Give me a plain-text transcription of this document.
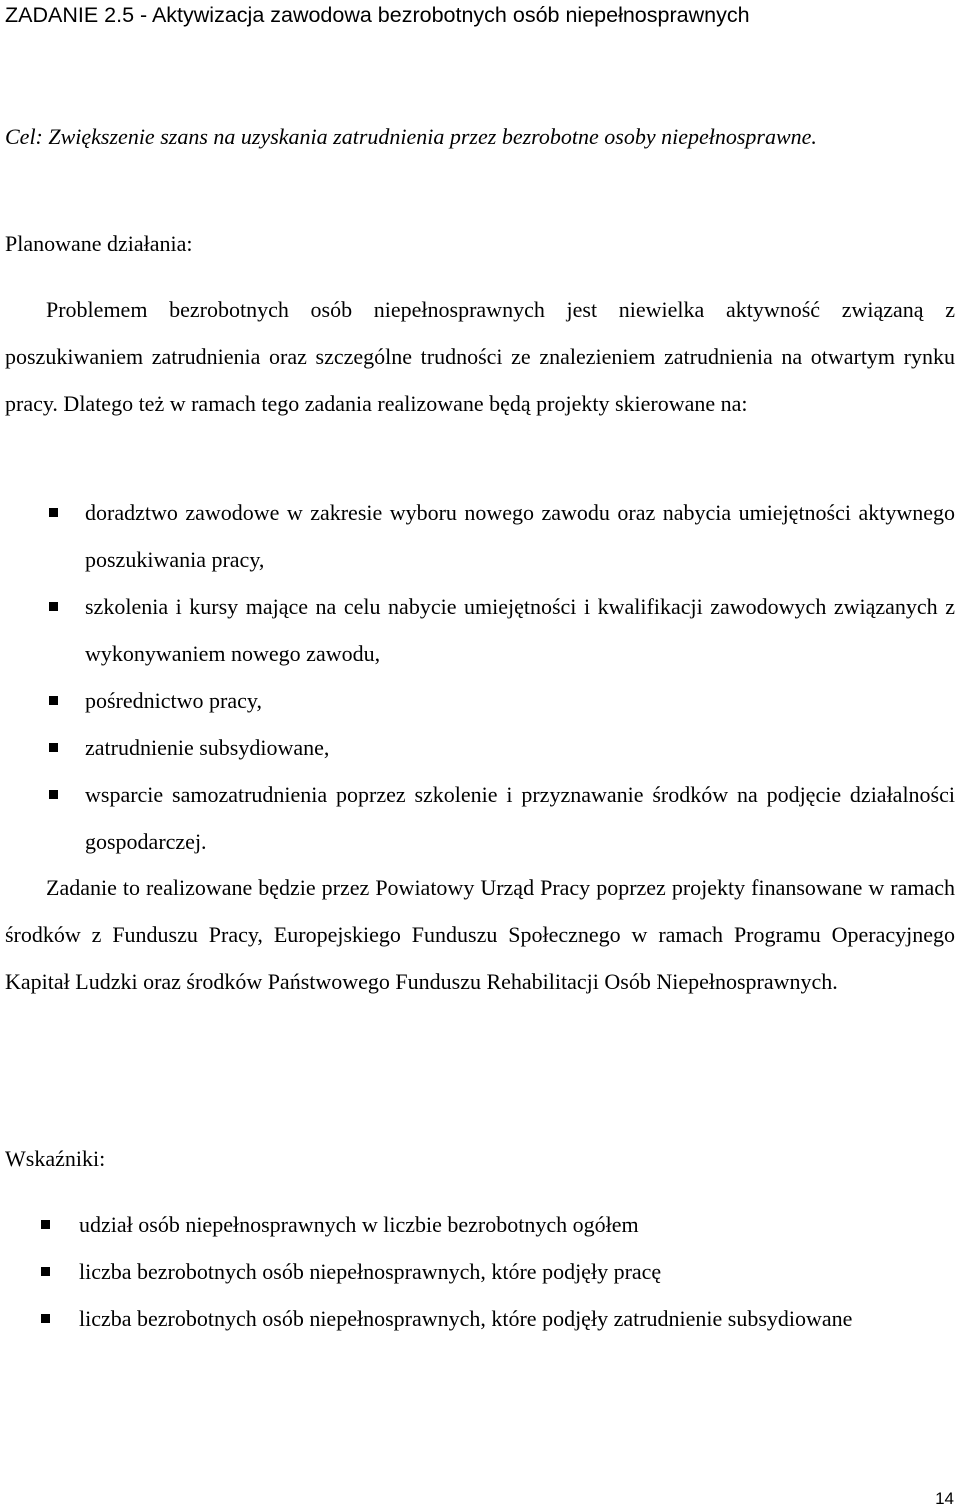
ZADANIE 2.5 - Aktywizacja zawodowa bezrobotnych osób niepełnosprawnych
Cel: Zwiększenie szans na uzyskania zatrudnienia przez bezrobotne osoby niepełnosprawne.
Planowane działania:
Problemem bezrobotnych osób niepełnosprawnych jest niewielka aktywność związaną z poszukiwaniem zatrudnienia oraz szczególne trudności ze znalezieniem zatrudnienia na otwartym rynku pracy. Dlatego też w ramach tego zadania realizowane będą projekty skierowane na:
doradztwo zawodowe w zakresie wyboru nowego zawodu oraz nabycia umiejętności aktywnego poszukiwania pracy,
szkolenia i kursy mające na celu nabycie umiejętności i kwalifikacji zawodowych związanych z wykonywaniem nowego zawodu,
pośrednictwo pracy,
zatrudnienie subsydiowane,
wsparcie samozatrudnienia poprzez szkolenie i przyznawanie środków na podjęcie działalności gospodarczej.
Zadanie to realizowane będzie przez Powiatowy Urząd Pracy poprzez projekty finansowane w ramach środków z Funduszu Pracy, Europejskiego Funduszu Społecznego w ramach Programu Operacyjnego Kapitał Ludzki oraz środków Państwowego Funduszu Rehabilitacji Osób Niepełnosprawnych.
Wskaźniki:
udział osób niepełnosprawnych w liczbie bezrobotnych ogółem
liczba bezrobotnych osób niepełnosprawnych, które podjęły pracę
liczba bezrobotnych osób niepełnosprawnych, które podjęły zatrudnienie subsydiowane
14
